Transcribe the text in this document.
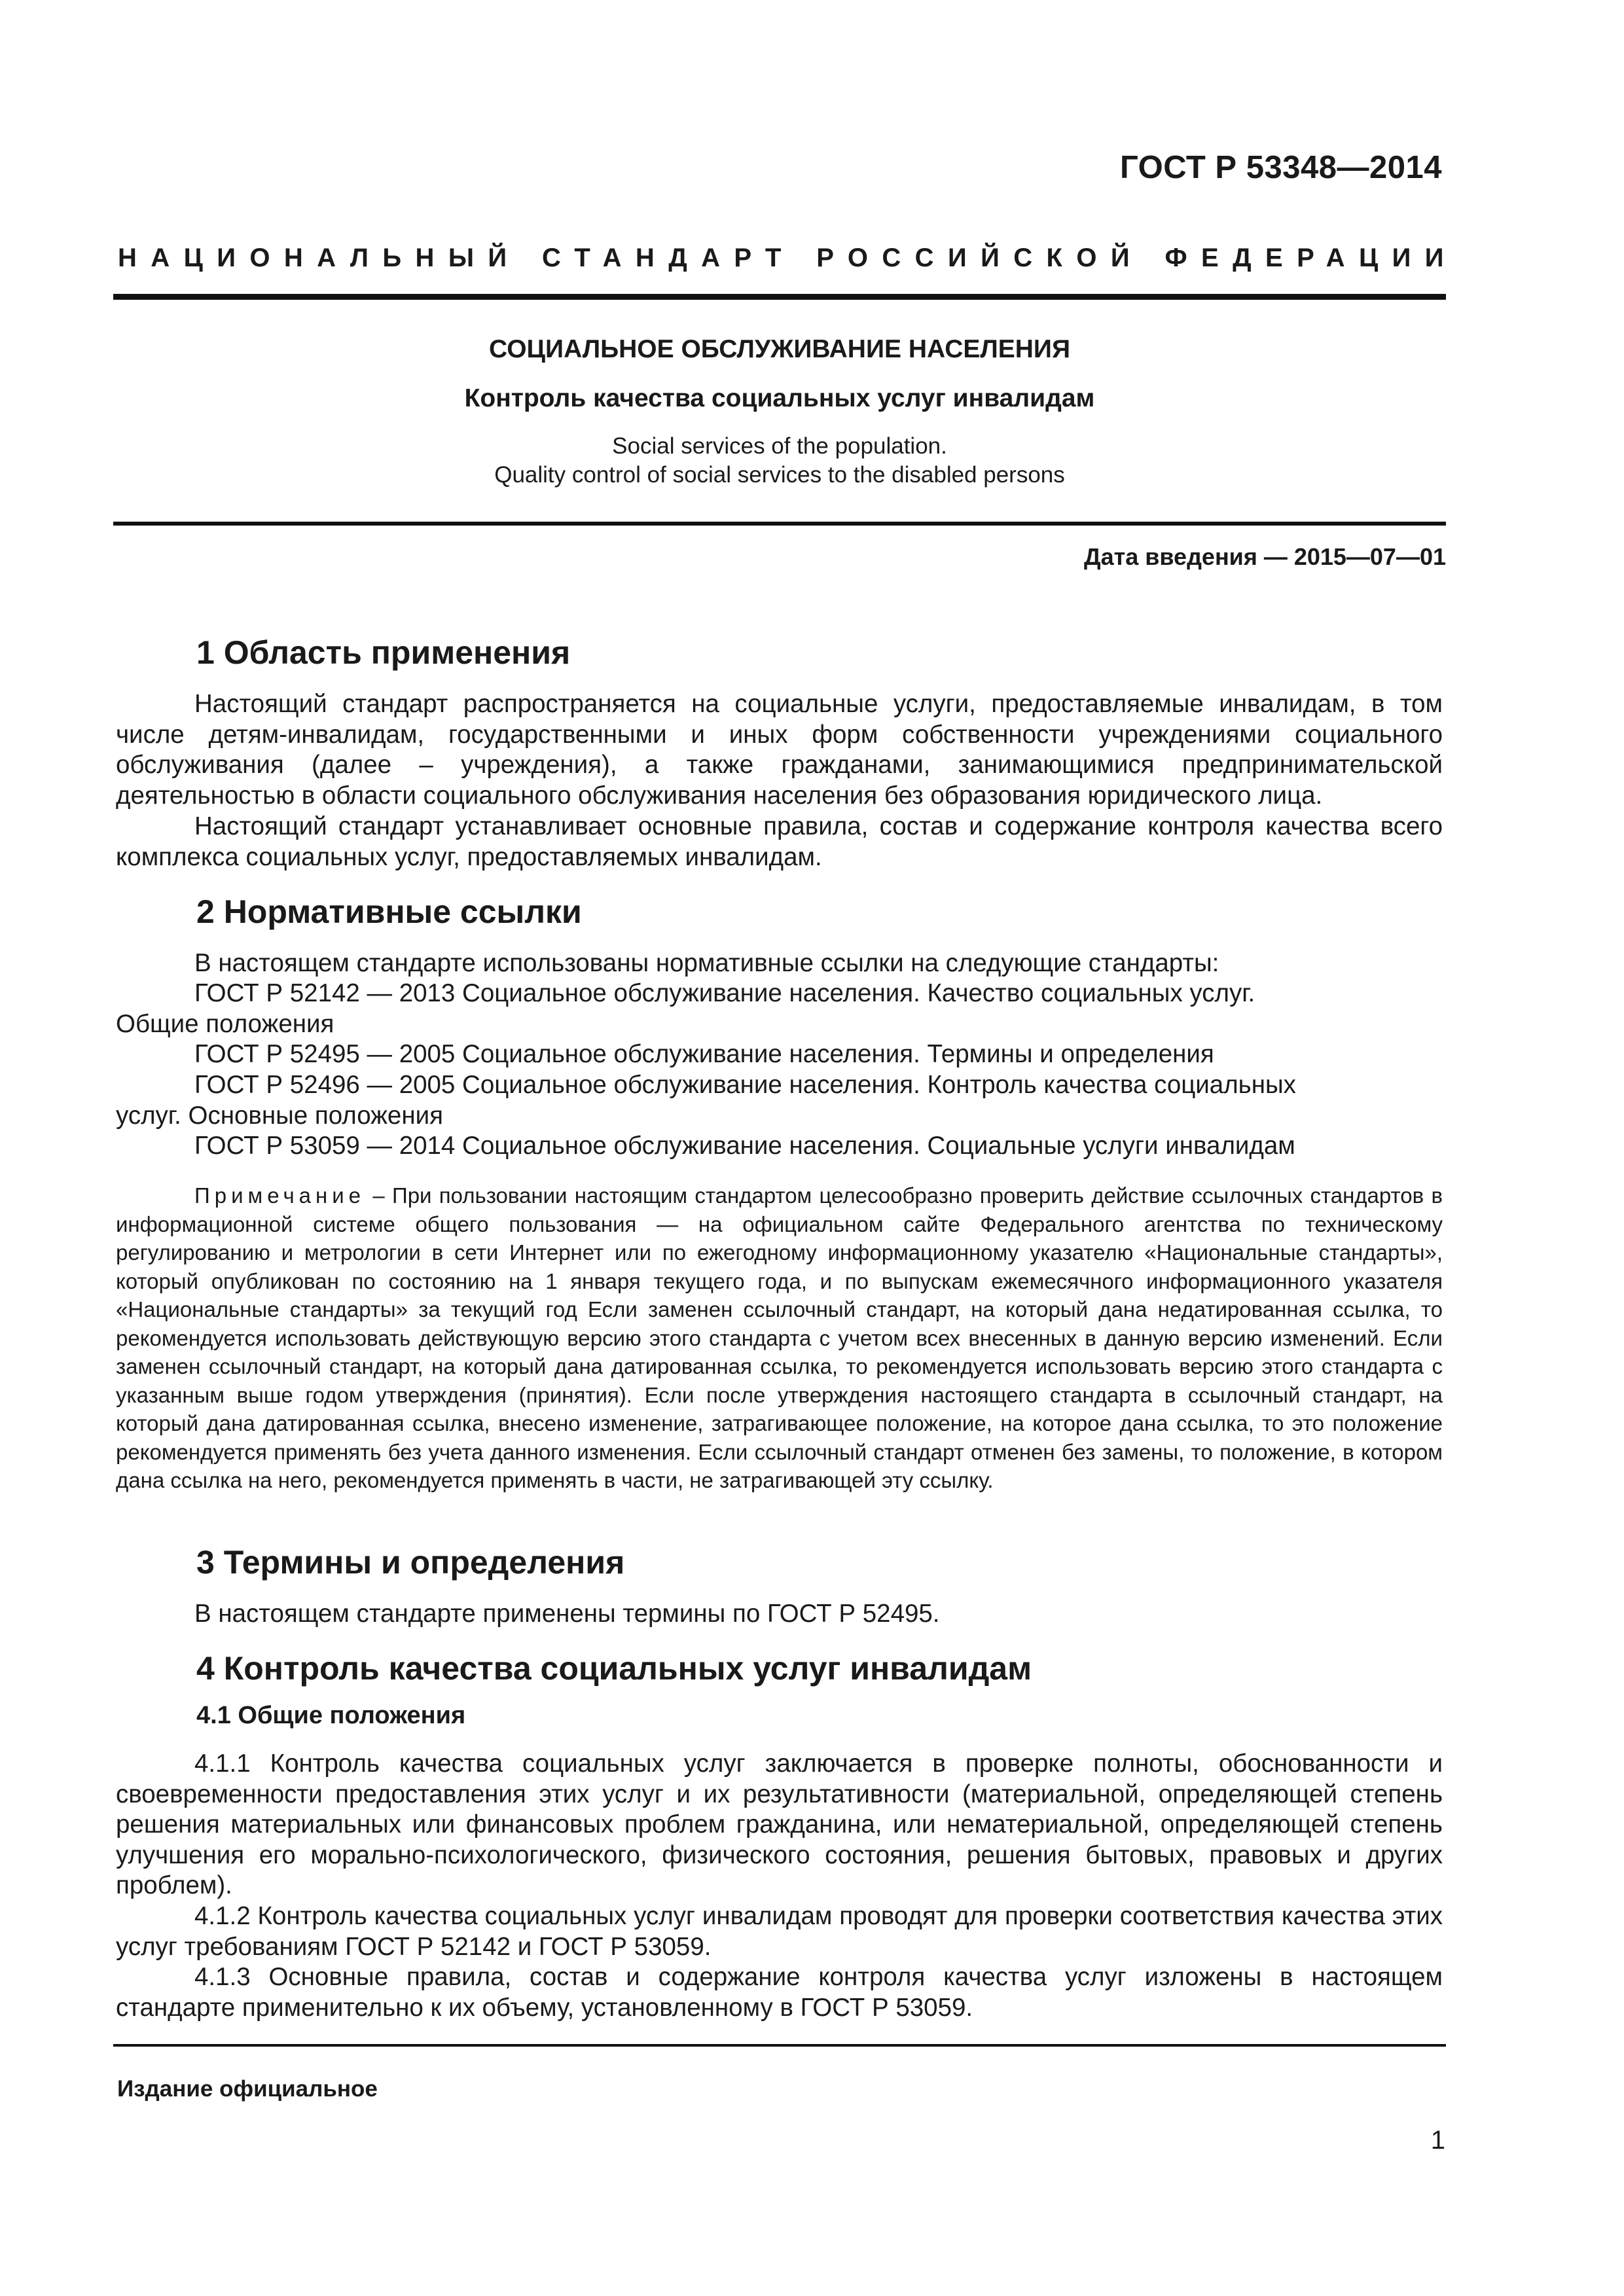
ГОСТ Р 53348—2014
НАЦИОНАЛЬНЫЙ СТАНДАРТ РОССИЙСКОЙ ФЕДЕРАЦИИ
СОЦИАЛЬНОЕ ОБСЛУЖИВАНИЕ НАСЕЛЕНИЯ
Контроль качества социальных услуг инвалидам
Social services of the population.
Quality control of social services to the disabled persons
Дата введения — 2015—07—01
1 Область применения
Настоящий стандарт распространяется на социальные услуги, предоставляемые инвалидам, в том числе детям-инвалидам, государственными и иных форм собственности учреждениями социального обслуживания (далее – учреждения), а также гражданами, занимающимися предпринимательской деятельностью в области социального обслуживания населения без образования юридического лица.
Настоящий стандарт устанавливает основные правила, состав и содержание контроля качества всего комплекса социальных услуг, предоставляемых инвалидам.
2 Нормативные ссылки
В настоящем стандарте использованы нормативные ссылки на следующие стандарты:
ГОСТ Р 52142 — 2013 Социальное обслуживание населения. Качество социальных услуг.
Общие положения
ГОСТ Р 52495 — 2005 Социальное обслуживание населения. Термины и определения
ГОСТ Р 52496 — 2005 Социальное обслуживание населения. Контроль качества социальных
услуг. Основные положения
ГОСТ Р 53059 — 2014 Социальное обслуживание населения. Социальные услуги инвалидам
Примечание – При пользовании настоящим стандартом целесообразно проверить действие ссылочных стандартов в информационной системе общего пользования — на официальном сайте Федерального агентства по техническому регулированию и метрологии в сети Интернет или по ежегодному информационному указателю «Национальные стандарты», который опубликован по состоянию на 1 января текущего года, и по выпускам ежемесячного информационного указателя «Национальные стандарты» за текущий год Если заменен ссылочный стандарт, на который дана недатированная ссылка, то рекомендуется использовать действующую версию этого стандарта с учетом всех внесенных в данную версию изменений. Если заменен ссылочный стандарт, на который дана датированная ссылка, то рекомендуется использовать версию этого стандарта с указанным выше годом утверждения (принятия). Если после утверждения настоящего стандарта в ссылочный стандарт, на который дана датированная ссылка, внесено изменение, затрагивающее положение, на которое дана ссылка, то это положение рекомендуется применять без учета данного изменения. Если ссылочный стандарт отменен без замены, то положение, в котором дана ссылка на него, рекомендуется применять в части, не затрагивающей эту ссылку.
3 Термины и определения
В настоящем стандарте применены термины по ГОСТ Р 52495.
4 Контроль качества социальных услуг инвалидам
4.1 Общие положения
4.1.1 Контроль качества социальных услуг заключается в проверке полноты, обоснованности и своевременности предоставления этих услуг и их результативности (материальной, определяющей степень решения материальных или финансовых проблем гражданина, или нематериальной, определяющей степень улучшения его морально-психологического, физического состояния, решения бытовых, правовых и других проблем).
4.1.2 Контроль качества социальных услуг инвалидам проводят для проверки соответствия качества этих услуг требованиям ГОСТ Р 52142 и ГОСТ Р 53059.
4.1.3 Основные правила, состав и содержание контроля качества услуг изложены в настоящем стандарте применительно к их объему, установленному в ГОСТ Р 53059.
Издание официальное
1
